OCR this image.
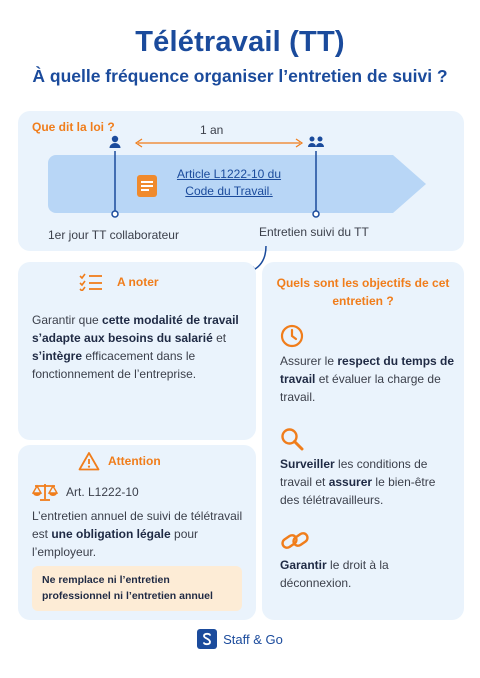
Télétravail (TT)
À quelle fréquence organiser l’entretien de suivi ?
Que dit la loi ?	1 an
Article L1222-10 du
Code du Travail.
1er jour TT collaborateur	Entretien suivi du TT
A noter
Garantir que cette modalité de travail s’adapte aux besoins du salarié et s’intègre efficacement dans le fonctionnement de l’entreprise.
Attention
Art. L1222-10
L’entretien annuel de suivi de télétravail est une obligation légale pour l’employeur.
Ne remplace ni l’entretien professionnel ni l’entretien annuel
Quels sont les objectifs de cet entretien ?
Assurer le respect du temps de travail et évaluer la charge de travail.
Surveiller les conditions de travail et assurer le bien-être des télétravailleurs.
Garantir le droit à la déconnexion.
Staff & Go
